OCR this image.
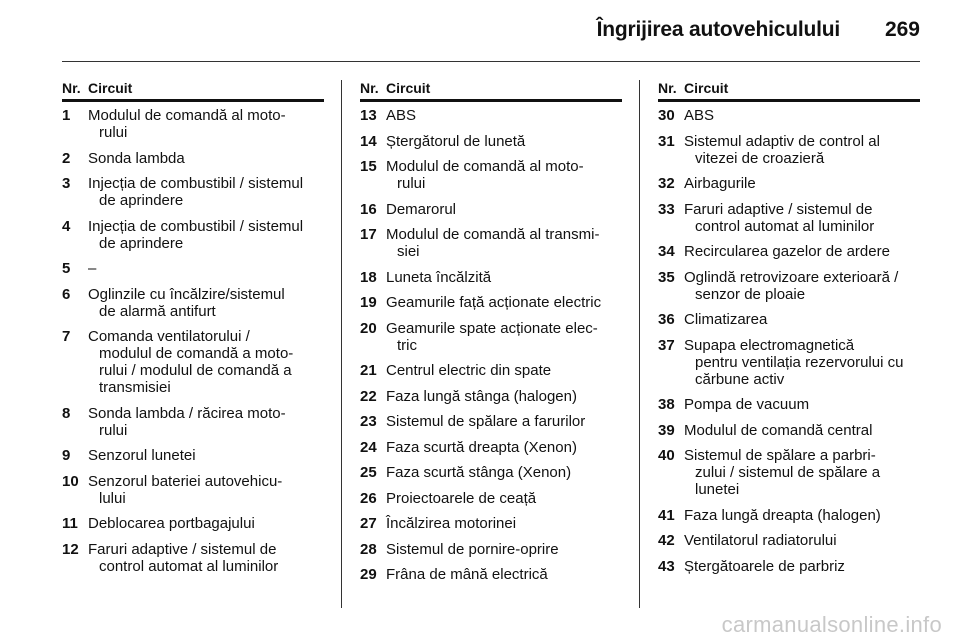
Îngrijirea autovehiculului 269
Nr. Circuit
1	Modulul de comandă al moto-
rului
2	Sonda lambda
3	Injecția de combustibil / sistemul
de aprindere
4	Injecția de combustibil / sistemul
de aprindere
5	–
6	Oglinzile cu încălzire/sistemul
de alarmă antifurt
7	Comanda ventilatorului /
modulul de comandă a moto-
rului / modulul de comandă a
transmisiei
8	Sonda lambda / răcirea moto-
rului
9	Senzorul lunetei
10 Senzorul bateriei autovehicu-
lului
11 Deblocarea portbagajului
12 Faruri adaptive / sistemul de
control automat al luminilor
Nr. Circuit
13 ABS
14 Ștergătorul de lunetă
15 Modulul de comandă al moto-
rului
16 Demarorul
17 Modulul de comandă al transmi-
siei
18 Luneta încălzită
19 Geamurile față acționate electric
20 Geamurile spate acționate elec-
tric
21 Centrul electric din spate
22 Faza lungă stânga (halogen)
23 Sistemul de spălare a farurilor
24 Faza scurtă dreapta (Xenon)
25 Faza scurtă stânga (Xenon)
26 Proiectoarele de ceață
27 Încălzirea motorinei
28 Sistemul de pornire-oprire
29 Frâna de mână electrică
Nr. Circuit
30 ABS
31 Sistemul adaptiv de control al
vitezei de croazieră
32 Airbagurile
33 Faruri adaptive / sistemul de
control automat al luminilor
34 Recircularea gazelor de ardere
35 Oglindă retrovizoare exterioară /
senzor de ploaie
36 Climatizarea
37 Supapa electromagnetică
pentru ventilația rezervorului cu
cărbune activ
38 Pompa de vacuum
39 Modulul de comandă central
40 Sistemul de spălare a parbri-
zului / sistemul de spălare a
lunetei
41 Faza lungă dreapta (halogen)
42 Ventilatorul radiatorului
43 Ștergătoarele de parbriz
carmanualsonline.info
